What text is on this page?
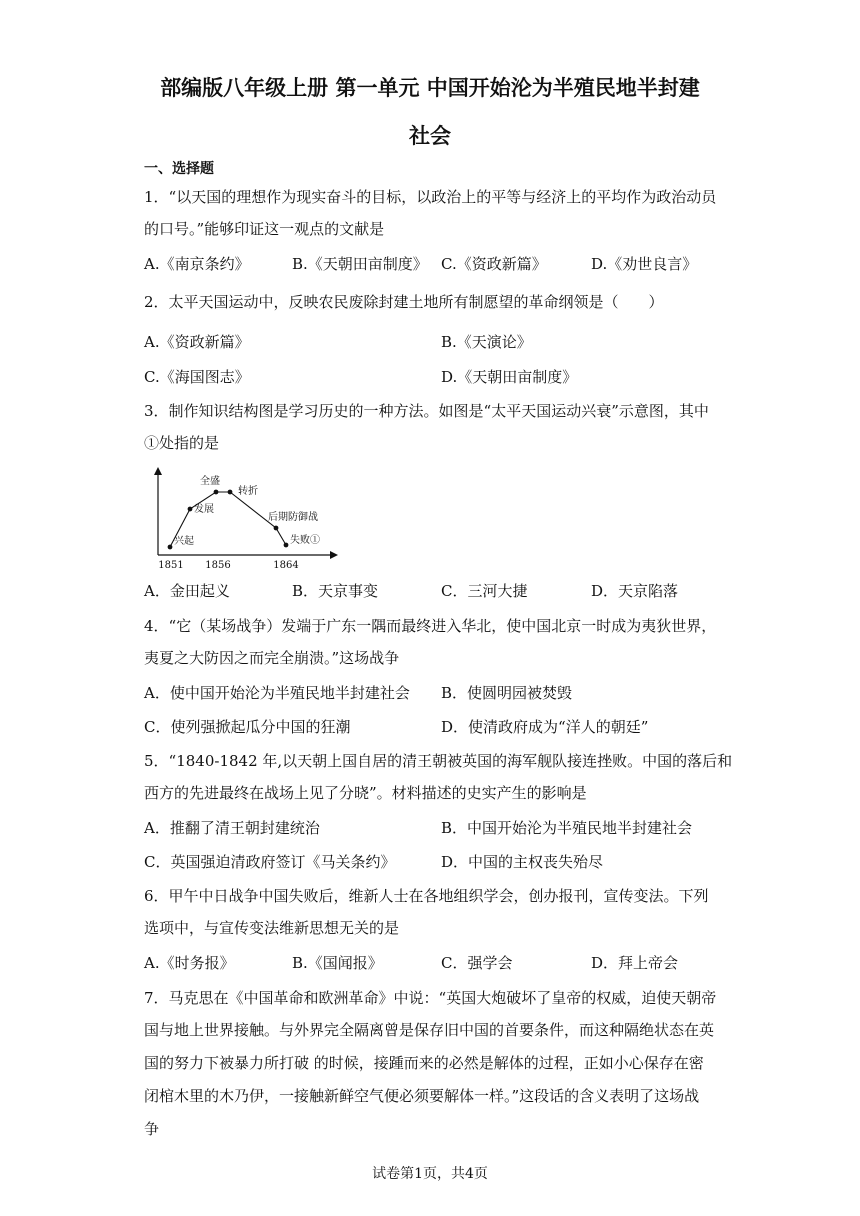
部编版八年级上册 第一单元 中国开始沦为半殖民地半封建
社会
一、选择题
1．“以天国的理想作为现实奋斗的目标，以政治上的平等与经济上的平均作为政治动员
的口号。”能够印证这一观点的文献是
A.《南京条约》	B.《天朝田亩制度》 C.《资政新篇》	D.《劝世良言》
2．太平天国运动中，反映农民废除封建土地所有制愿望的革命纲领是（　　）
A.《资政新篇》	B.《天演论》
C.《海国图志》	D.《天朝田亩制度》
3．制作知识结构图是学习历史的一种方法。如图是“太平天国运动兴衰”示意图，其中
①处指的是
兴起
发展
全盛
转折
后期防御战
失败①
1851 1856	1864
A．金田起义	B．天京事变	C．三河大捷	D．天京陷落
4．“它（某场战争）发端于广东一隅而最终进入华北，使中国北京一时成为夷狄世界，
夷夏之大防因之而完全崩溃。”这场战争
A．使中国开始沦为半殖民地半封建社会 B．使圆明园被焚毁
C．使列强掀起瓜分中国的狂潮	D．使清政府成为“洋人的朝廷”
5．“1840-1842 年,以天朝上国自居的清王朝被英国的海军舰队接连挫败。中国的落后和
西方的先进最终在战场上见了分晓”。材料描述的史实产生的影响是
A．推翻了清王朝封建统治	B．中国开始沦为半殖民地半封建社会
C．英国强迫清政府签订《马关条约》	D．中国的主权丧失殆尽
6．甲午中日战争中国失败后，维新人士在各地组织学会，创办报刊，宣传变法。下列
选项中，与宣传变法维新思想无关的是
A.《时务报》	B.《国闻报》	C．强学会	D．拜上帝会
7．马克思在《中国革命和欧洲革命》中说：“英国大炮破坏了皇帝的权威，迫使天朝帝
国与地上世界接触。与外界完全隔离曾是保存旧中国的首要条件，而这种隔绝状态在英
国的努力下被暴力所打破 的时候，接踵而来的必然是解体的过程，正如小心保存在密
闭棺木里的木乃伊，一接触新鲜空气便必须要解体一样。”这段话的含义表明了这场战
争
试卷第1页，共4页
